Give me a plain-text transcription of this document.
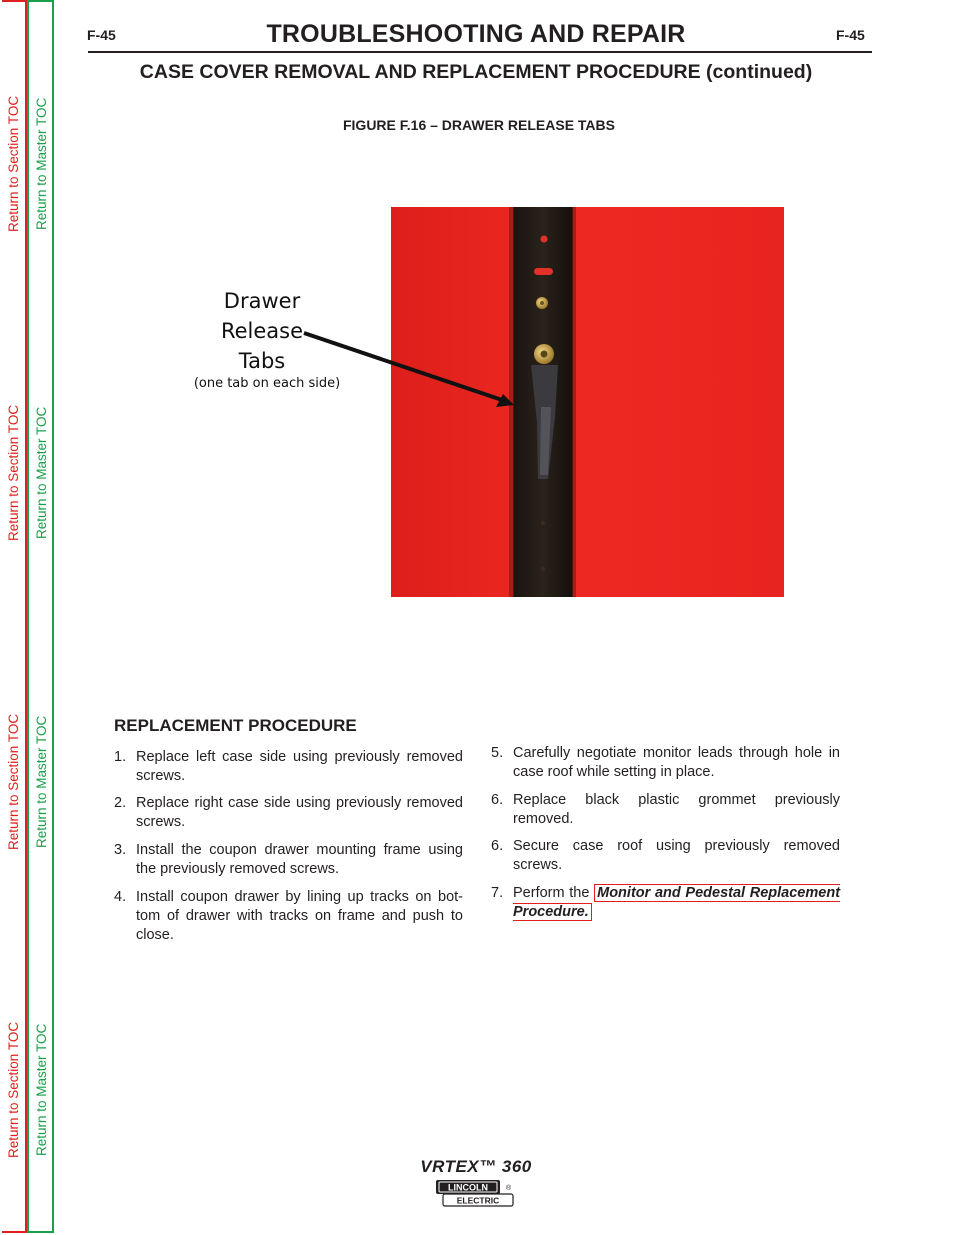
Return to Section TOC Return to Master TOC
Return to Section TOC Return to Master TOC
Return to Section TOC Return to Master TOC
Return to Section TOC Return to Master TOC
F-45	F-45
TROUBLESHOOTING AND REPAIR
CASE COVER REMOVAL AND REPLACEMENT PROCEDURE (continued)
FIGURE F.16 – DRAWER RELEASE TABS
Drawer
Release
Tabs
(one tab on each side)
REPLACEMENT PROCEDURE
1. Replace left case side using previously removed screws.
2. Replace right case side using previously removed screws.
3. Install the coupon drawer mounting frame using the previously removed screws.
4. Install coupon drawer by lining up tracks on bot-tom of drawer with tracks on frame and push to close.
5. Carefully negotiate monitor leads through hole in case roof while setting in place.
6. Replace black plastic grommet previously removed.
6. Secure case roof using previously removed screws.
7. Perform the Monitor and Pedestal Replacement Procedure.
VRTEX™ 360
LINCOLN
ELECTRIC
®
